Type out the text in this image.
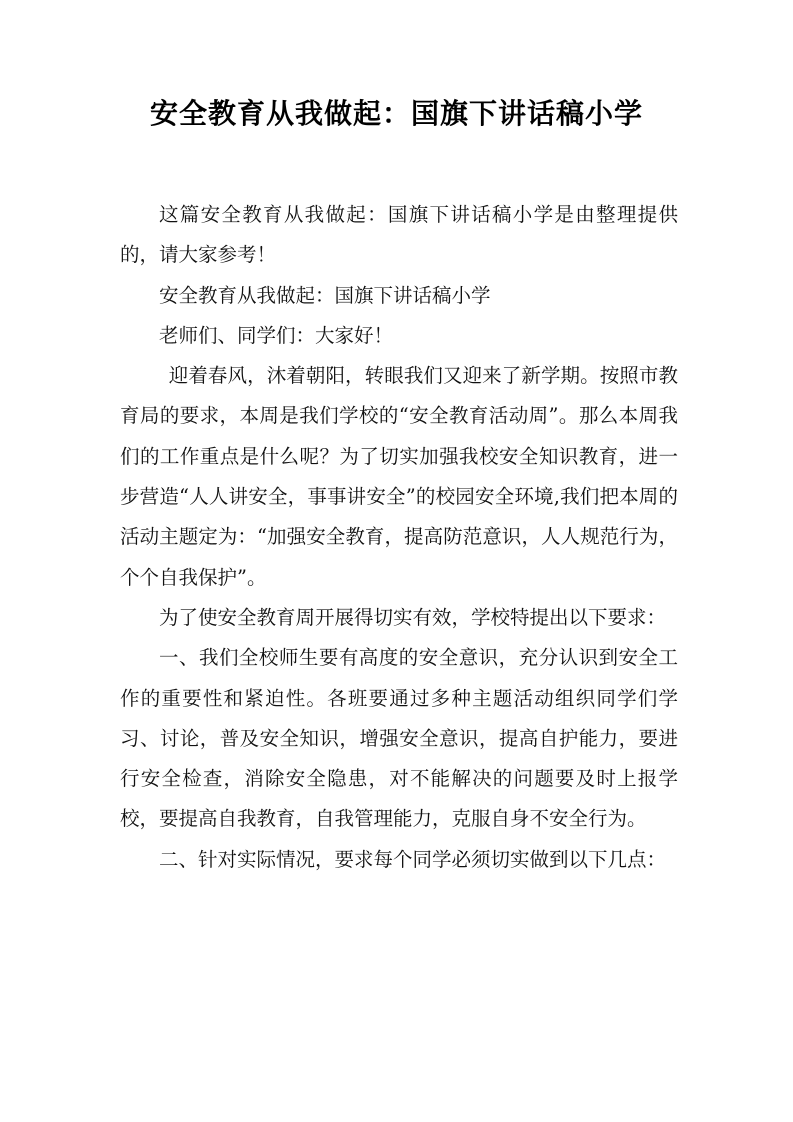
安全教育从我做起：国旗下讲话稿小学

这篇安全教育从我做起：国旗下讲话稿小学是由整理提供的，请大家参考！

安全教育从我做起：国旗下讲话稿小学

老师们、同学们：大家好！

迎着春风，沐着朝阳，转眼我们又迎来了新学期。按照市教育局的要求，本周是我们学校的“安全教育活动周”。那么本周我们的工作重点是什么呢？为了切实加强我校安全知识教育，进一步营造“人人讲安全，事事讲安全”的校园安全环境,我们把本周的活动主题定为：“加强安全教育，提高防范意识，人人规范行为，个个自我保护”。

为了使安全教育周开展得切实有效，学校特提出以下要求：

一、我们全校师生要有高度的安全意识，充分认识到安全工作的重要性和紧迫性。各班要通过多种主题活动组织同学们学习、讨论，普及安全知识，增强安全意识，提高自护能力，要进行安全检查，消除安全隐患，对不能解决的问题要及时上报学校，要提高自我教育，自我管理能力，克服自身不安全行为。

二、针对实际情况，要求每个同学必须切实做到以下几点：
